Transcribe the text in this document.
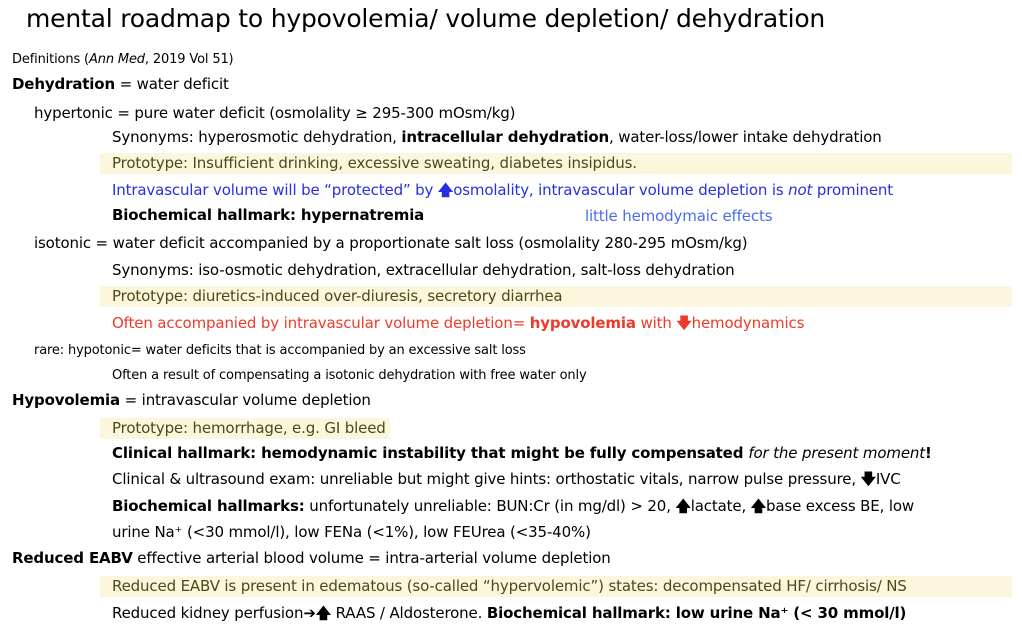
mental roadmap to hypovolemia/ volume depletion/ dehydration
Definitions (Ann Med, 2019 Vol 51)
Dehydration = water deficit
hypertonic = pure water deficit (osmolality ≥ 295-300 mOsm/kg)
Synonyms: hyperosmotic dehydration, intracellular dehydration, water-loss/lower intake dehydration
Prototype: Insufficient drinking, excessive sweating, diabetes insipidus.
Intravascular volume will be “protected” by 🡅osmolality, intravascular volume depletion is not prominent
Biochemical hallmark: hypernatremia	little hemodymaic effects
isotonic = water deficit accompanied by a proportionate salt loss (osmolality 280-295 mOsm/kg)
Synonyms: iso-osmotic dehydration, extracellular dehydration, salt-loss dehydration
Prototype: diuretics-induced over-diuresis, secretory diarrhea
Often accompanied by intravascular volume depletion= hypovolemia with 🡇hemodynamics
rare: hypotonic= water deficits that is accompanied by an excessive salt loss
Often a result of compensating a isotonic dehydration with free water only
Hypovolemia = intravascular volume depletion
Prototype: hemorrhage, e.g. GI bleed
Clinical hallmark: hemodynamic instability that might be fully compensated for the present moment!
Clinical & ultrasound exam: unreliable but might give hints: orthostatic vitals, narrow pulse pressure, 🡇IVC
Biochemical hallmarks: unfortunately unreliable: BUN:Cr (in mg/dl) > 20, 🡅lactate, 🡅base excess BE, low
urine Na⁺ (<30 mmol/l), low FENa (<1%), low FEUrea (<35-40%)
Reduced EABV effective arterial blood volume = intra-arterial volume depletion
Reduced EABV is present in edematous (so-called “hypervolemic”) states: decompensated HF/ cirrhosis/ NS
Reduced kidney perfusion➔🡅 RAAS / Aldosterone. Biochemical hallmark: low urine Na⁺ (< 30 mmol/l)
